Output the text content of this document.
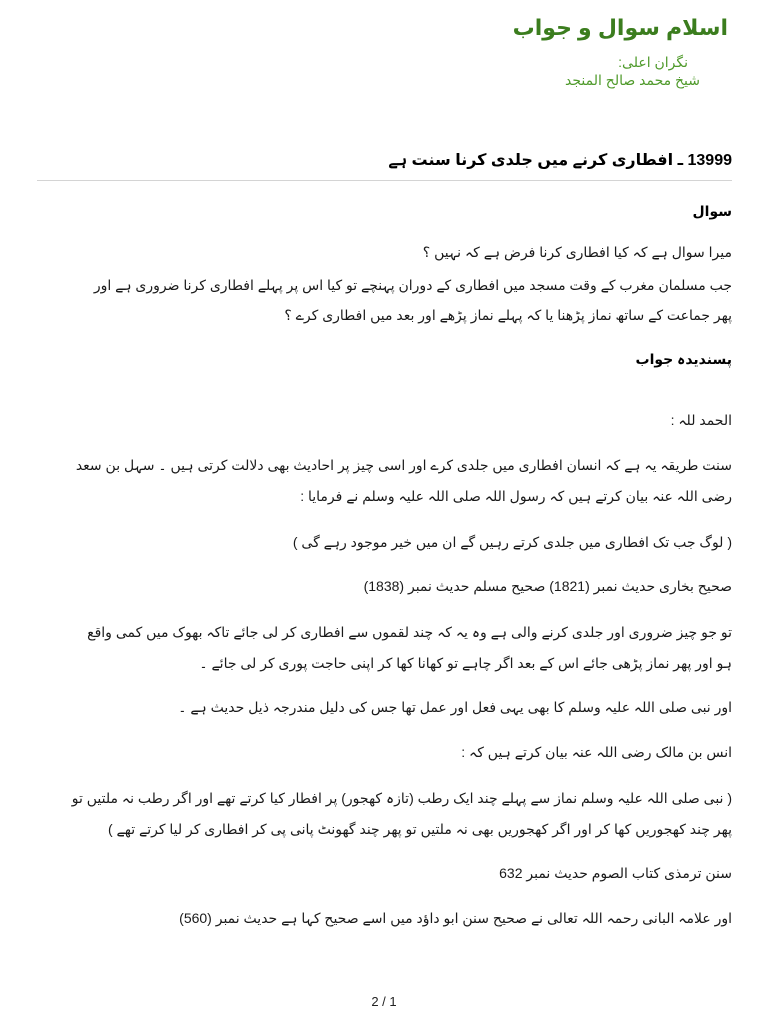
اسلام سوال و جواب
نگران اعلی:
شیخ محمد صالح المنجد
13999 ـ افطاری کرنے میں جلدی کرنا سنت ہے
سوال
میرا سوال ہے کہ کیا افطاری کرنا فرض ہے کہ نہیں ؟
جب مسلمان مغرب کے وقت مسجد میں افطاری کے دوران پہنچے تو کیا اس پر پہلے افطاری کرنا ضروری ہے اور
پھر جماعت کے ساتھ نماز پڑھنا یا کہ پہلے نماز پڑھے اور بعد میں افطاری کرے ؟
پسندیدہ جواب
الحمد للہ :
سنت طریقہ یہ ہے کہ انسان افطاری میں جلدی کرے اور اسی چیز پر احادیث بھی دلالت کرتی ہیں ۔ سہل بن سعد
رضی اللہ عنہ بیان کرتے ہیں کہ رسول اللہ صلی اللہ علیہ وسلم نے فرمایا :
( لوگ جب تک افطاری میں جلدی کرتے رہیں گے ان میں خیر موجود رہے گی )
صحیح بخاری حدیث نمبر (1821) صحیح مسلم حدیث نمبر (1838)
تو جو چیز ضروری اور جلدی کرنے والی ہے وہ یہ کہ چند لقموں سے افطاری کر لی جائے تاکہ بھوک میں کمی واقع
ہو اور پھر نماز پڑھی جائے اس کے بعد اگر چاہے تو کھانا کھا کر اپنی حاجت پوری کر لی جائے ۔
اور نبی صلی اللہ علیہ وسلم کا بھی یہی فعل اور عمل تھا جس کی دلیل مندرجہ ذیل حدیث ہے ۔
انس بن مالک رضی اللہ عنہ بیان کرتے ہیں کہ :
( نبی صلی اللہ علیہ وسلم نماز سے پہلے چند ایک رطب (تازہ کھجور) پر افطار کیا کرتے تھے اور اگر رطب نہ ملتیں تو
پھر چند کھجوریں کھا کر اور اگر کھجوریں بھی نہ ملتیں تو پھر چند گھونٹ پانی پی کر افطاری کر لیا کرتے تھے )
سنن ترمذی کتاب الصوم حدیث نمبر 632
اور علامہ البانی رحمہ اللہ تعالی نے صحیح سنن ابو داؤد میں اسے صحیح کہا ہے حدیث نمبر (560)
2 / 1
